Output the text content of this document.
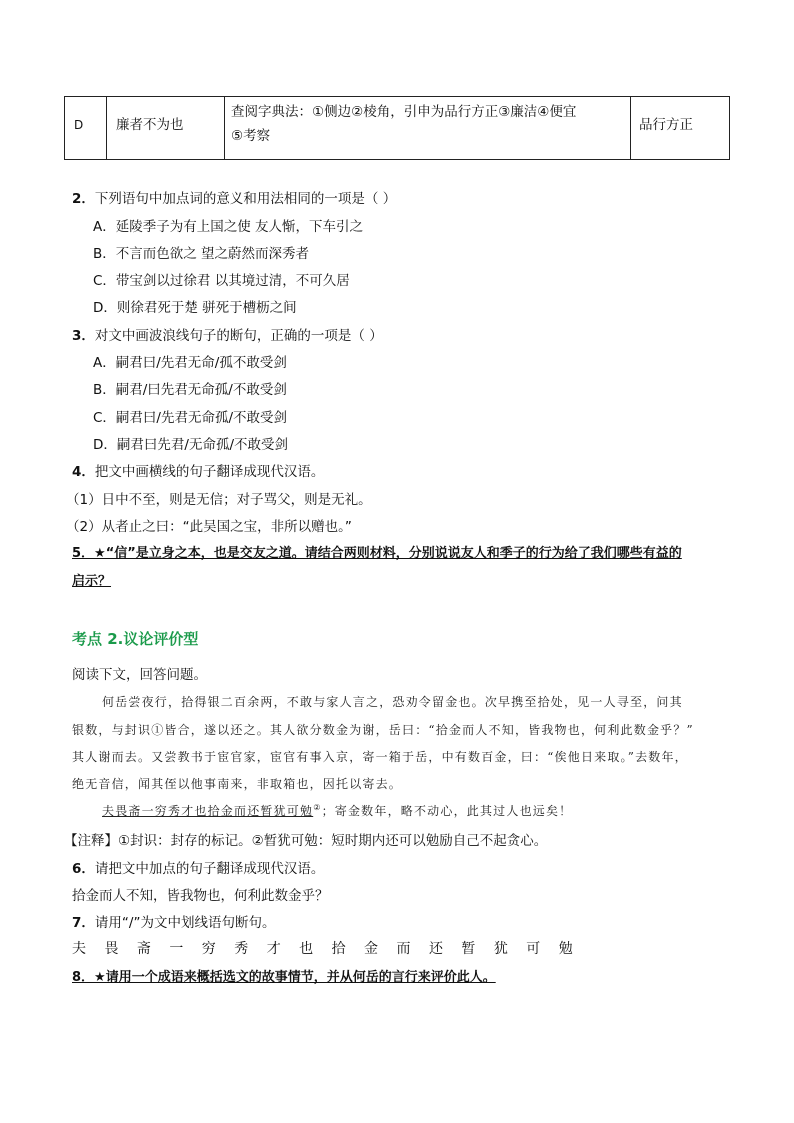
D 廉者不为也
查阅字典法：①侧边②棱角，引申为品行方正③廉洁④便宜
⑤考察
品行方正
2．下列语句中加点词的意义和用法相同的一项是（ ）
A．延陵季子为有上国之使 友人惭，下车引之
B．不言而色欲之 望之蔚然而深秀者
C．带宝剑以过徐君 以其境过清，不可久居
D．则徐君死于楚 骈死于槽枥之间
3．对文中画波浪线句子的断句，正确的一项是（ ）
A．嗣君曰/先君无命/孤不敢受剑
B．嗣君/曰先君无命孤/不敢受剑
C．嗣君曰/先君无命孤/不敢受剑
D．嗣君曰先君/无命孤/不敢受剑
4．把文中画横线的句子翻译成现代汉语。
（1）日中不至，则是无信；对子骂父，则是无礼。
（2）从者止之曰：“此吴国之宝，非所以赠也。”
5．★“信”是立身之本，也是交友之道。请结合两则材料，分别说说友人和季子的行为给了我们哪些有益的
启示？
考点 2.议论评价型
阅读下文，回答问题。
何岳尝夜行，拾得银二百余两，不敢与家人言之，恐劝令留金也。次早携至拾处，见一人寻至，问其
银数，与封识①皆合，遂以还之。其人欲分数金为谢，岳曰：“拾金而人不知，皆我物也，何利此数金乎？”
其人谢而去。又尝教书于宦官家，宦官有事入京，寄一箱于岳，中有数百金，曰：“俟他日来取。”去数年，
绝无音信，闻其侄以他事南来，非取箱也，因托以寄去。
夫畏斋一穷秀才也拾金而还暂犹可勉②；寄金数年，略不动心，此其过人也远矣！
【注释】①封识：封存的标记。②暂犹可勉：短时期内还可以勉励自己不起贪心。
6．请把文中加点的句子翻译成现代汉语。
拾金而人不知，皆我物也，何利此数金乎？
7．请用“/”为文中划线语句断句。
夫 畏 斋 一 穷 秀 才 也 拾 金 而 还 暂 犹 可 勉
8．★请用一个成语来概括选文的故事情节，并从何岳的言行来评价此人。
